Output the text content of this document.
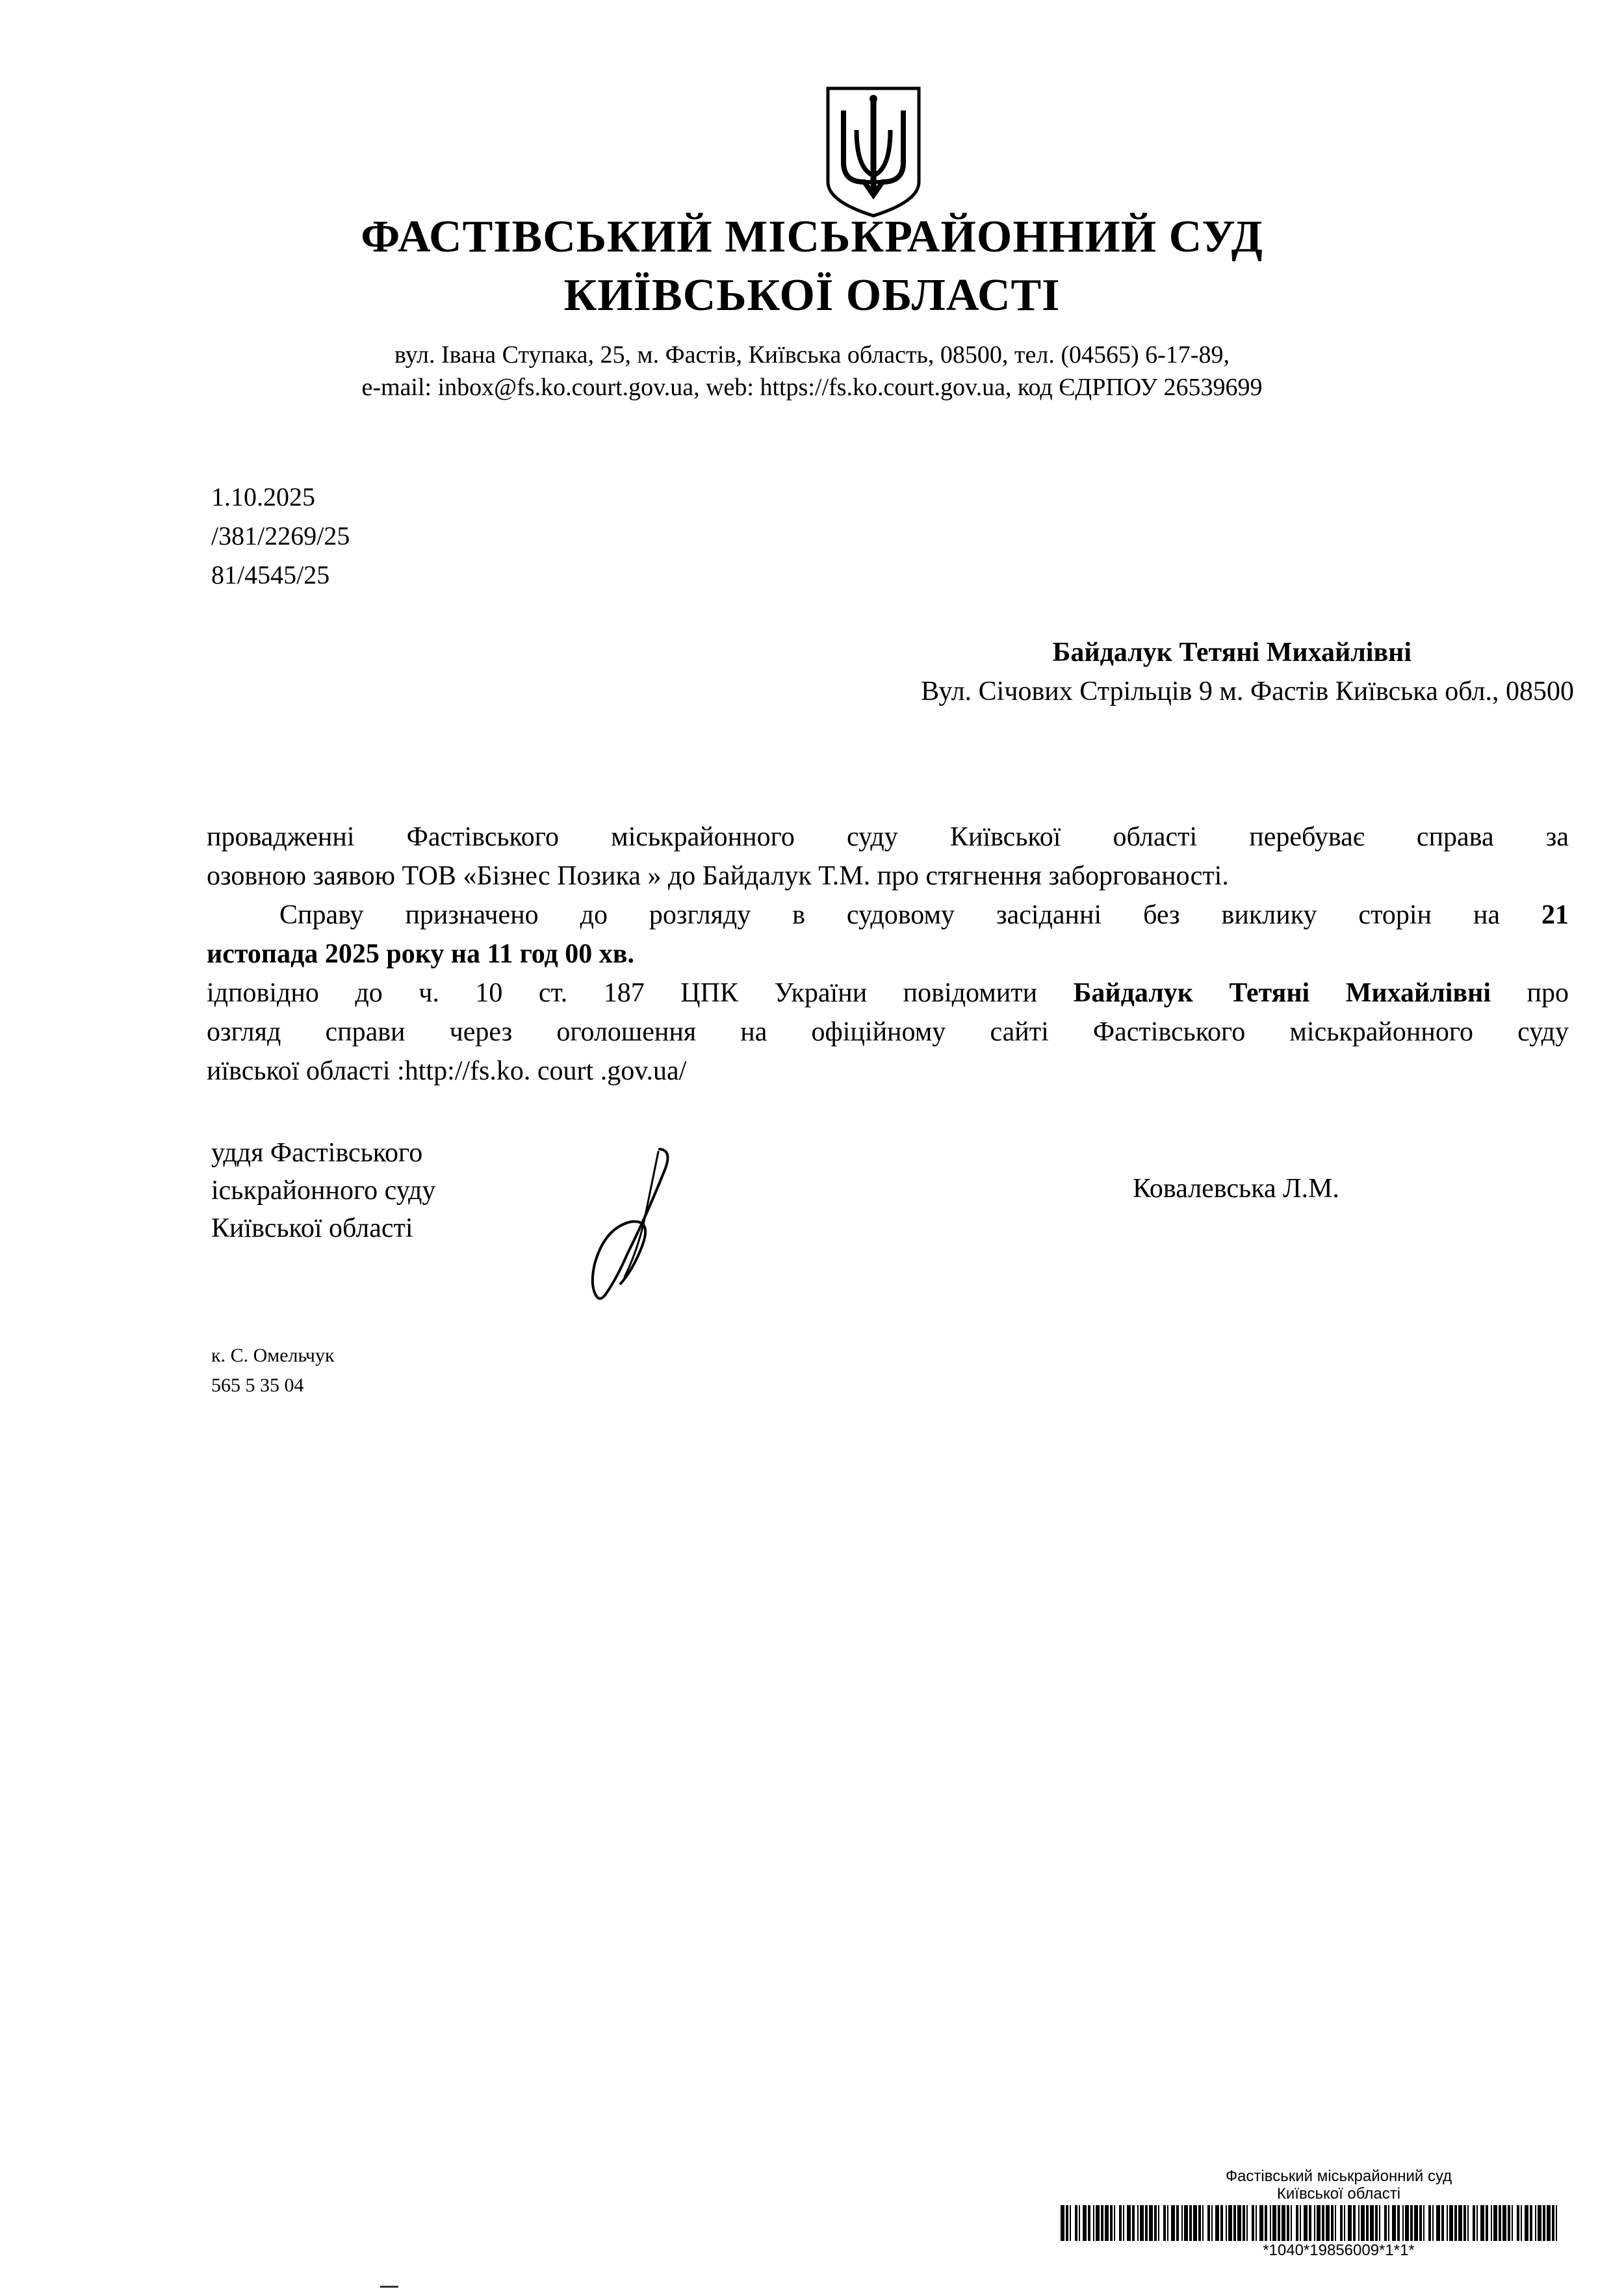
ФАСТІВСЬКИЙ МІСЬКРАЙОННИЙ СУД
КИЇВСЬКОЇ ОБЛАСТІ
вул. Івана Ступака, 25, м. Фастів, Київська область, 08500, тел. (04565) 6-17-89,
e-mail: inbox@fs.ko.court.gov.ua, web: https://fs.ko.court.gov.ua, код ЄДРПОУ 26539699
1.10.2025
/381/2269/25
81/4545/25
Байдалук Тетяні Михайлівні
Вул. Січових Стрільців 9 м. Фастів Київська обл., 08500
провадженні Фастівського міськрайонного суду Київської області перебуває справа за
озовною заявою ТОВ «Бізнес Позика » до Байдалук Т.М. про стягнення заборгованості.
Справу призначено до розгляду в судовому засіданні без виклику сторін на 21
истопада 2025 року на 11 год 00 хв.
ідповідно до ч. 10 ст. 187 ЦПК України повідомити Байдалук Тетяні Михайлівні про
озгляд справи через оголошення на офіційному сайті Фастівського міськрайонного суду
иївської області :http://fs.ko. court .gov.ua/
уддя Фастівського
іськрайонного суду
Київської області
Ковалевська Л.М.
к. С. Омельчук
565 5 35 04
Фастівський міськрайонний суд
Київської області
*1040*19856009*1*1*
